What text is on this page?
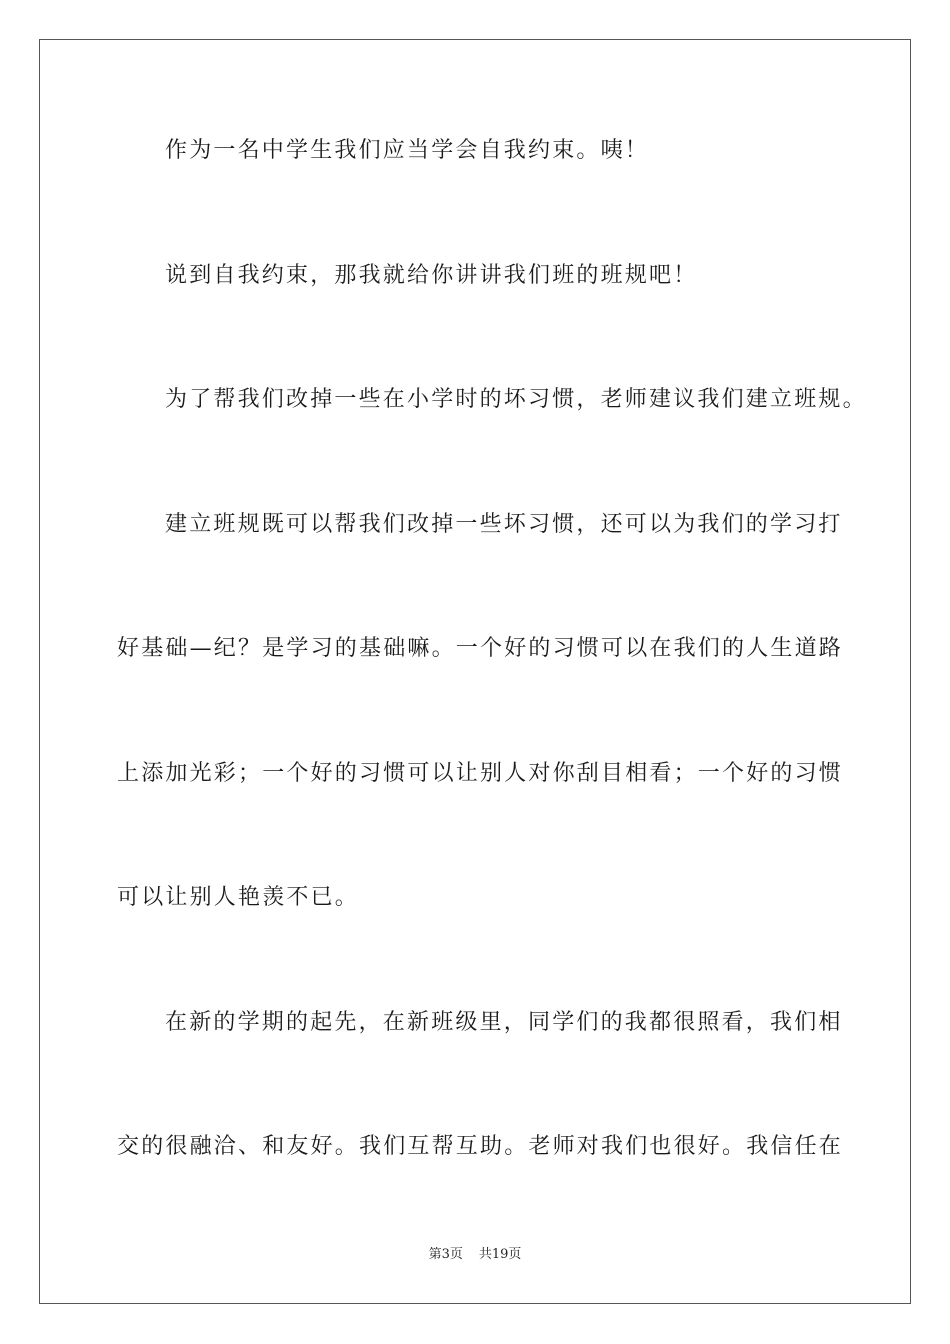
作为一名中学生我们应当学会自我约束。咦！
说到自我约束，那我就给你讲讲我们班的班规吧！
为了帮我们改掉一些在小学时的坏习惯，老师建议我们建立班规。
建立班规既可以帮我们改掉一些坏习惯，还可以为我们的学习打
好基础—纪？是学习的基础嘛。一个好的习惯可以在我们的人生道路
上添加光彩；一个好的习惯可以让别人对你刮目相看；一个好的习惯
可以让别人艳羡不已。
在新的学期的起先，在新班级里，同学们的我都很照看，我们相
交的很融洽、和友好。我们互帮互助。老师对我们也很好。我信任在
第3页 共19页
